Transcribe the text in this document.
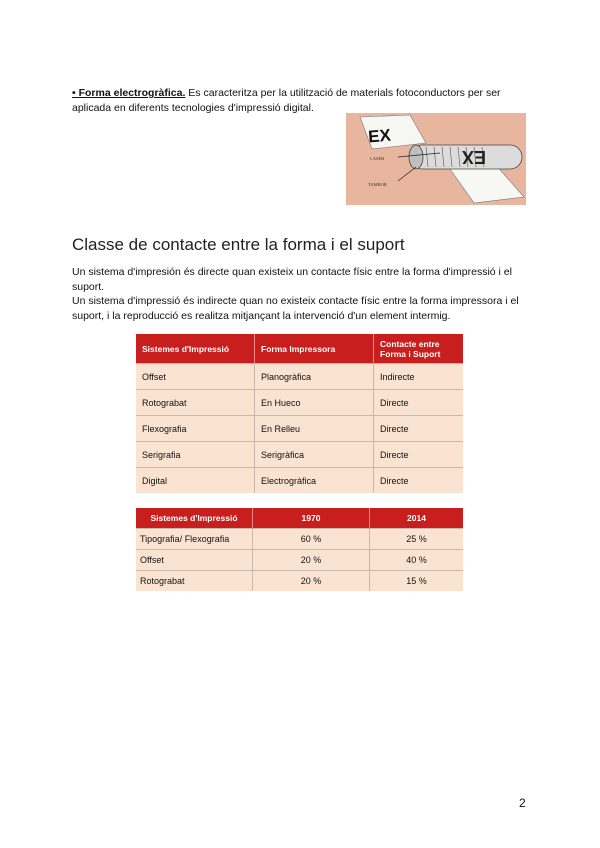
• Forma electrogràfica. Es caracteritza per la utilització de materials fotoconductors per ser aplicada en diferents tecnologies d'impressió digital.

EX
EX
LASER
TAMBOR
Classe de contacte entre la forma i el suport

Un sistema d'impresión és directe quan existeix un contacte físic entre la forma d'impressió i el suport.

Un sistema d'impressió és indirecte quan no existeix contacte físic entre la forma impressora i el suport, i la reproducció es realitza mitjançant la intervenció d'un element intermig.

Sistemes d'Impressió	Forma Impressora	Contacte entre Forma i Suport
Offset	Planogràfica	Indirecte
Rotograbat	En Hueco	Directe
Flexografia	En Relleu	Directe
Serigrafia	Serigràfica	Directe
Digital	Electrogràfica	Directe
Sistemes d'Impressió	1970	2014
Tipografia/ Flexografia	60 %	25 %
Offset	20 %	40 %
Rotograbat	20 %	15 %
2
